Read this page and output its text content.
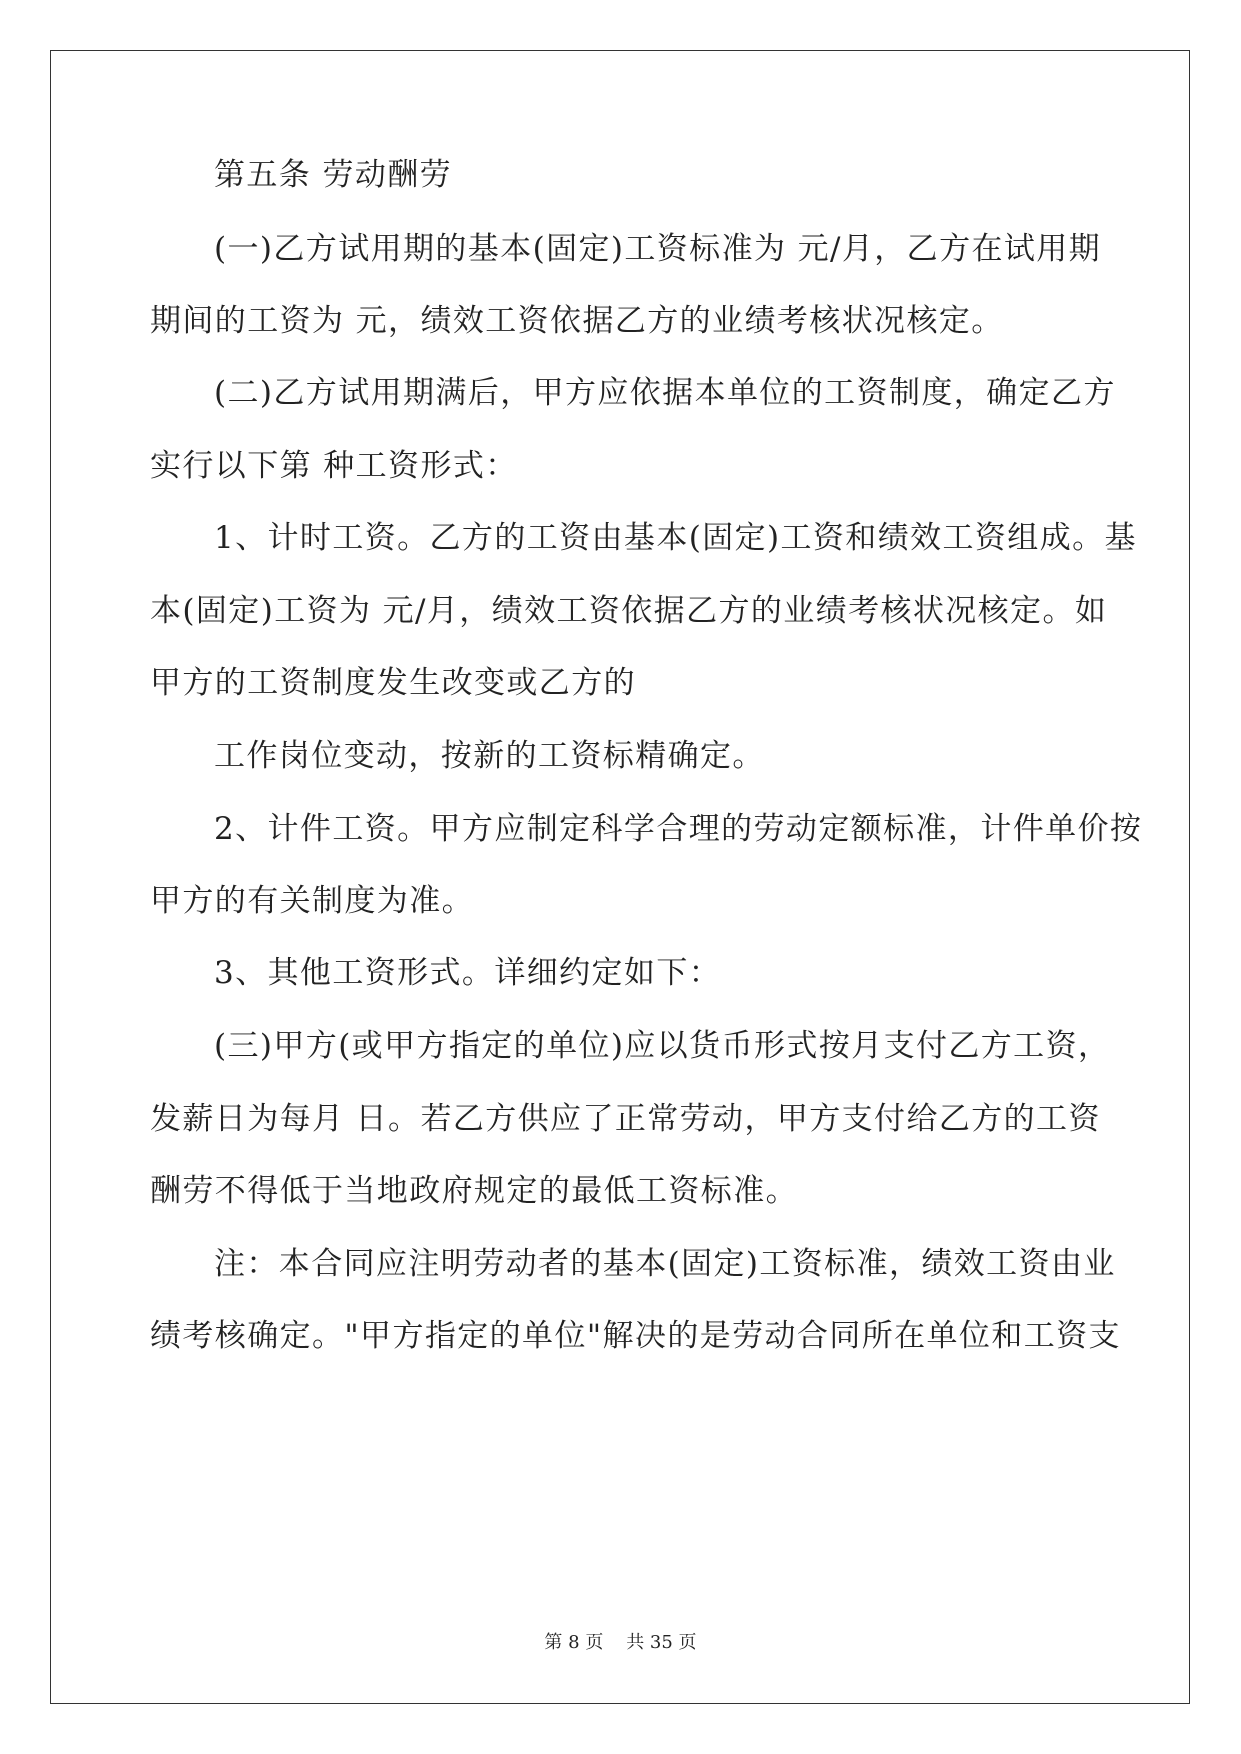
第五条 劳动酬劳
(一)乙方试用期的基本(固定)工资标准为 元/月，乙方在试用期
期间的工资为 元，绩效工资依据乙方的业绩考核状况核定。
(二)乙方试用期满后，甲方应依据本单位的工资制度，确定乙方
实行以下第 种工资形式：
1、计时工资。乙方的工资由基本(固定)工资和绩效工资组成。基
本(固定)工资为 元/月，绩效工资依据乙方的业绩考核状况核定。如
甲方的工资制度发生改变或乙方的
工作岗位变动，按新的工资标精确定。
2、计件工资。甲方应制定科学合理的劳动定额标准，计件单价按
甲方的有关制度为准。
3、其他工资形式。详细约定如下：
(三)甲方(或甲方指定的单位)应以货币形式按月支付乙方工资，
发薪日为每月 日。若乙方供应了正常劳动，甲方支付给乙方的工资
酬劳不得低于当地政府规定的最低工资标准。
注：本合同应注明劳动者的基本(固定)工资标准，绩效工资由业
绩考核确定。"甲方指定的单位"解决的是劳动合同所在单位和工资支
第 8 页    共 35 页
